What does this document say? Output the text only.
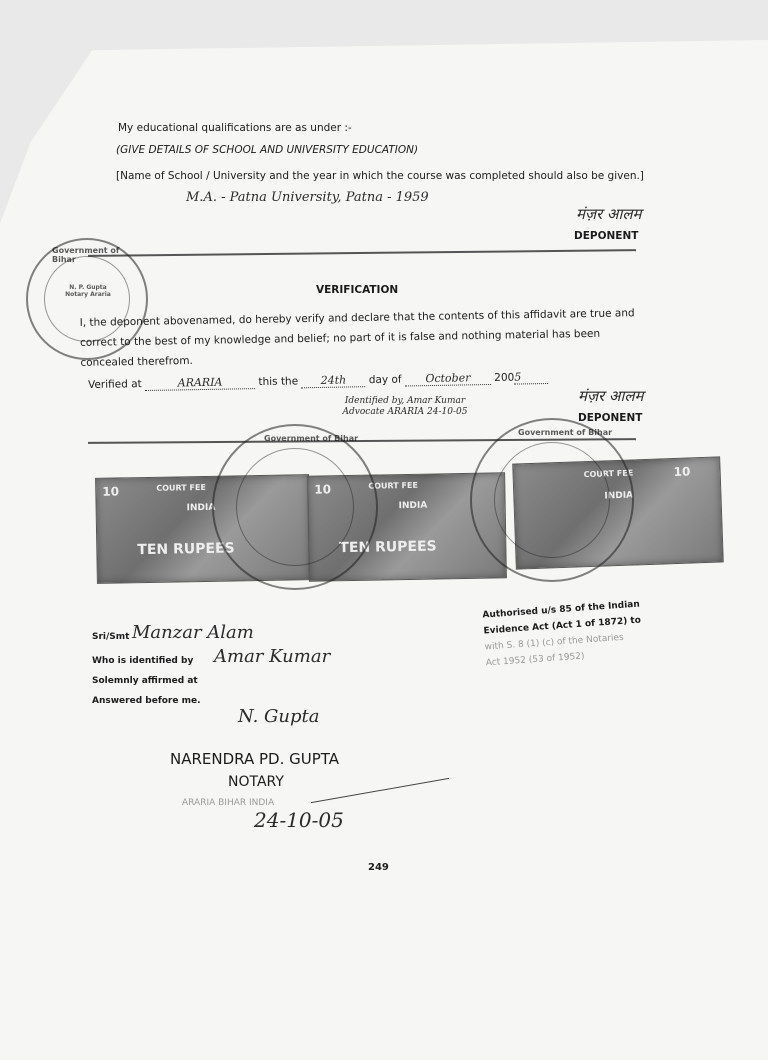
My educational qualifications are as under :-
(GIVE DETAILS OF SCHOOL AND UNIVERSITY EDUCATION)
[Name of School / University and the year in which the course was completed should also be given.]
M.A. - Patna University, Patna - 1959
मंज़र आलम
DEPONENT
VERIFICATION
I, the deponent abovenamed, do hereby verify and declare that the contents of this affidavit are true and correct to the best of my knowledge and belief; no part of it is false and nothing material has been concealed therefrom.
Verified at	ARARIA	this the 24th day of October 2005
Identified by, Amar Kumar Advocate ARARIA 24-10-05
मंज़र आलम
DEPONENT
Government of Bihar
N. P. Gupta Notary Araria
10	COURT FEE
INDIA
TEN RUPEES
10	COURT FEE
INDIA
TEN RUPEES
10
COURT FEE
INDIA
Government of Bihar
Government of Bihar
Sri/Smt Manzar Alam
Who is identified by Amar Kumar
Solemnly affirmed at
Answered before me.
Authorised u/s 85 of the Indian
Evidence Act (Act 1 of 1872) to
with S. 8 (1) (c) of the Notaries
Act 1952 (53 of 1952)
N. Gupta
NARENDRA PD. GUPTA
NOTARY
ARARIA BIHAR INDIA
24-10-05
249
